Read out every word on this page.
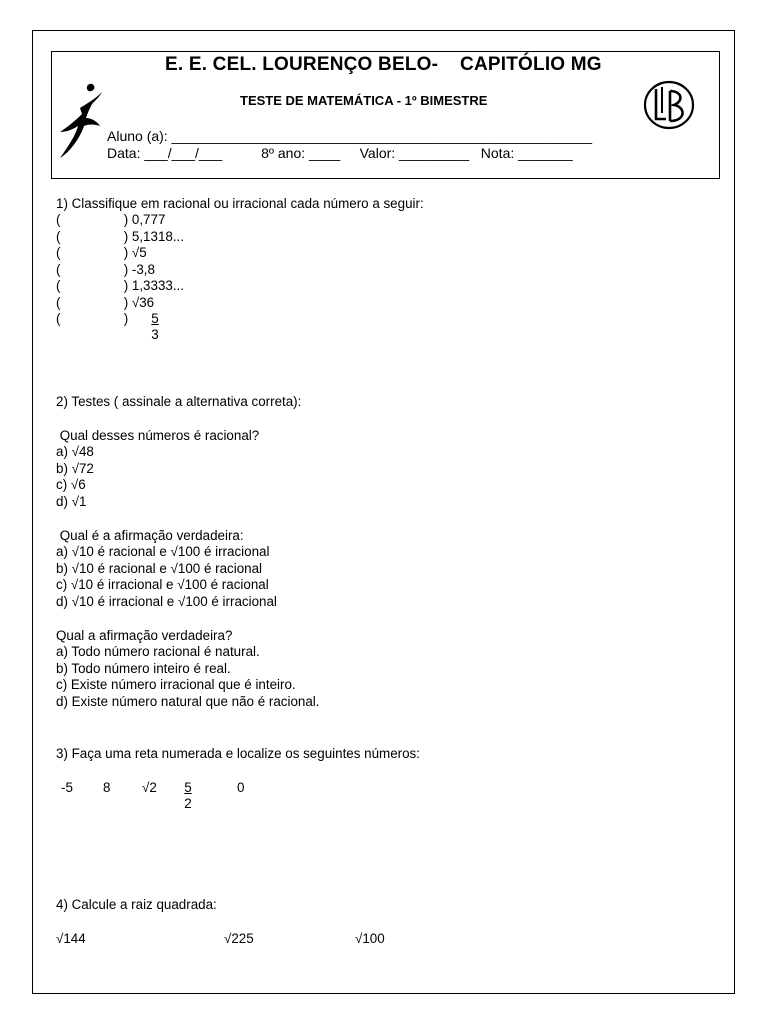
E. E. CEL. LOURENÇO BELO-    CAPITÓLIO MG
TESTE DE MATEMÁTICA - 1º BIMESTRE
Aluno (a): ______________________________________________________
Data: ___/___/___          8º ano: ____     Valor: _________   Nota: _______
1) Classifique em racional ou irracional cada número a seguir:
(                 ) 0,777
(                 ) 5,1318...
(                 ) √5
(                 ) -3,8
(                 ) 1,3333...
(                 ) √36
(                 ) $\frac{5}{3}$
2) Testes ( assinale a alternativa correta):
Qual desses números é racional?
a) √48
b) √72
c) √6
d) √1
Qual é a afirmação verdadeira:
a) √10 é racional e √100 é irracional
b) √10 é racional e √100 é racional
c) √10 é irracional e √100 é racional
d) √10 é irracional e √100 é irracional
Qual a afirmação verdadeira?
a) Todo número racional é natural.
b) Todo número inteiro é real.
c) Existe número irracional que é inteiro.
d) Existe número natural que não é racional.
3) Faça uma reta numerada e localize os seguintes números:
-5 8 $√2 \frac{5}{2}$	0
4) Calcule a raiz quadrada:
√144	√225	√100
